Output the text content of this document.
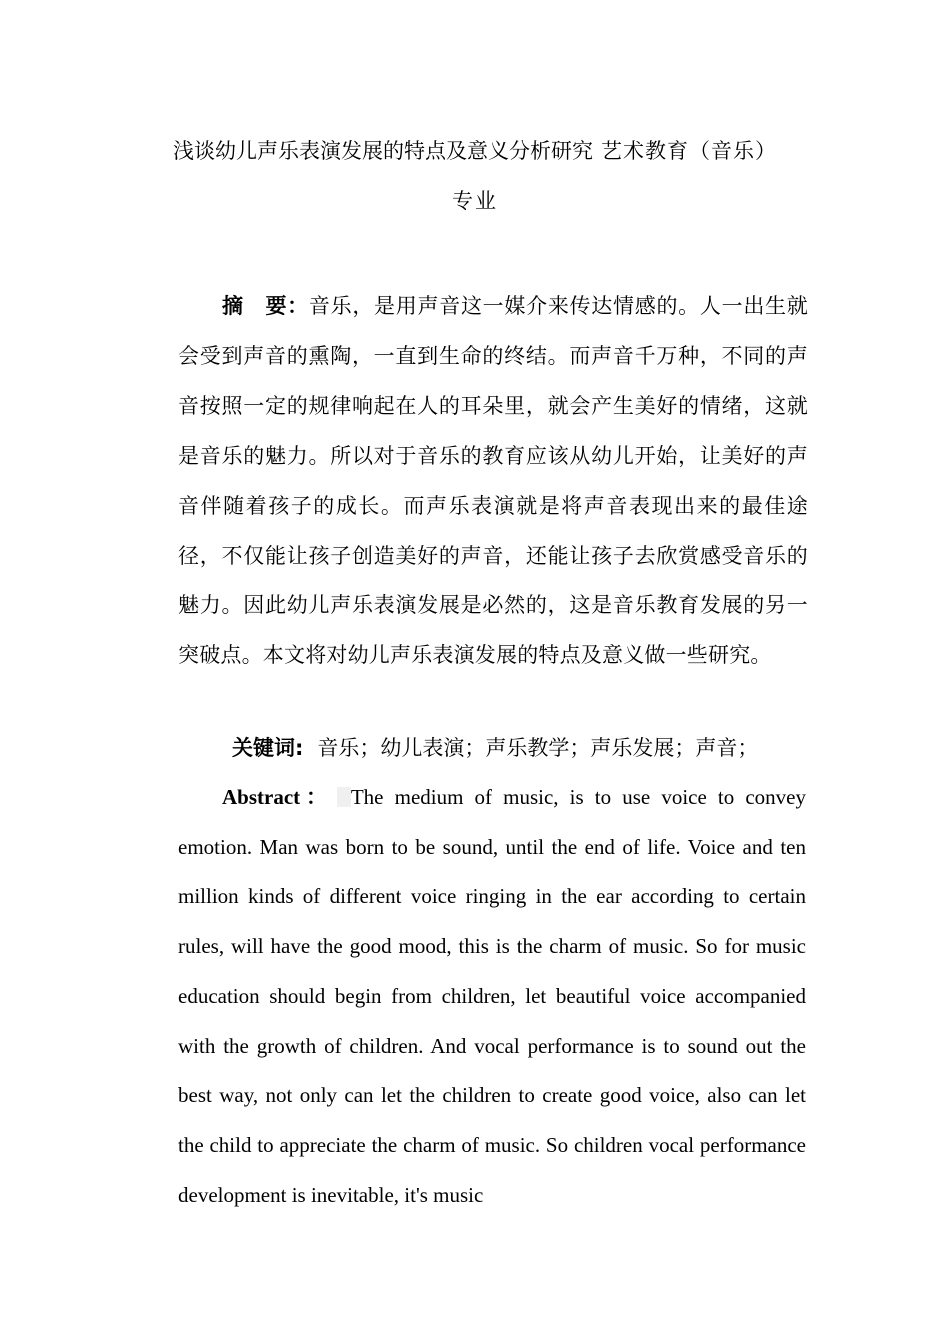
浅谈幼儿声乐表演发展的特点及意义分析研究 艺术教育（音乐）
专业
摘　要：音乐，是用声音这一媒介来传达情感的。人一出生就会受到声音的熏陶，一直到生命的终结。而声音千万种，不同的声音按照一定的规律响起在人的耳朵里，就会产生美好的情绪，这就是音乐的魅力。所以对于音乐的教育应该从幼儿开始，让美好的声音伴随着孩子的成长。而声乐表演就是将声音表现出来的最佳途径，不仅能让孩子创造美好的声音，还能让孩子去欣赏感受音乐的魅力。因此幼儿声乐表演发展是必然的，这是音乐教育发展的另一突破点。本文将对幼儿声乐表演发展的特点及意义做一些研究。
关键词: 音乐；幼儿表演；声乐教学；声乐发展；声音；
Abstract： The medium of music, is to use voice to convey emotion. Man was born to be sound, until the end of life. Voice and ten million kinds of different voice ringing in the ear according to certain rules, will have the good mood, this is the charm of music. So for music education should begin from children, let beautiful voice accompanied with the growth of children. And vocal performance is to sound out the best way, not only can let the children to create good voice, also can let the child to appreciate the charm of music. So children vocal performance development is inevitable, it's music
